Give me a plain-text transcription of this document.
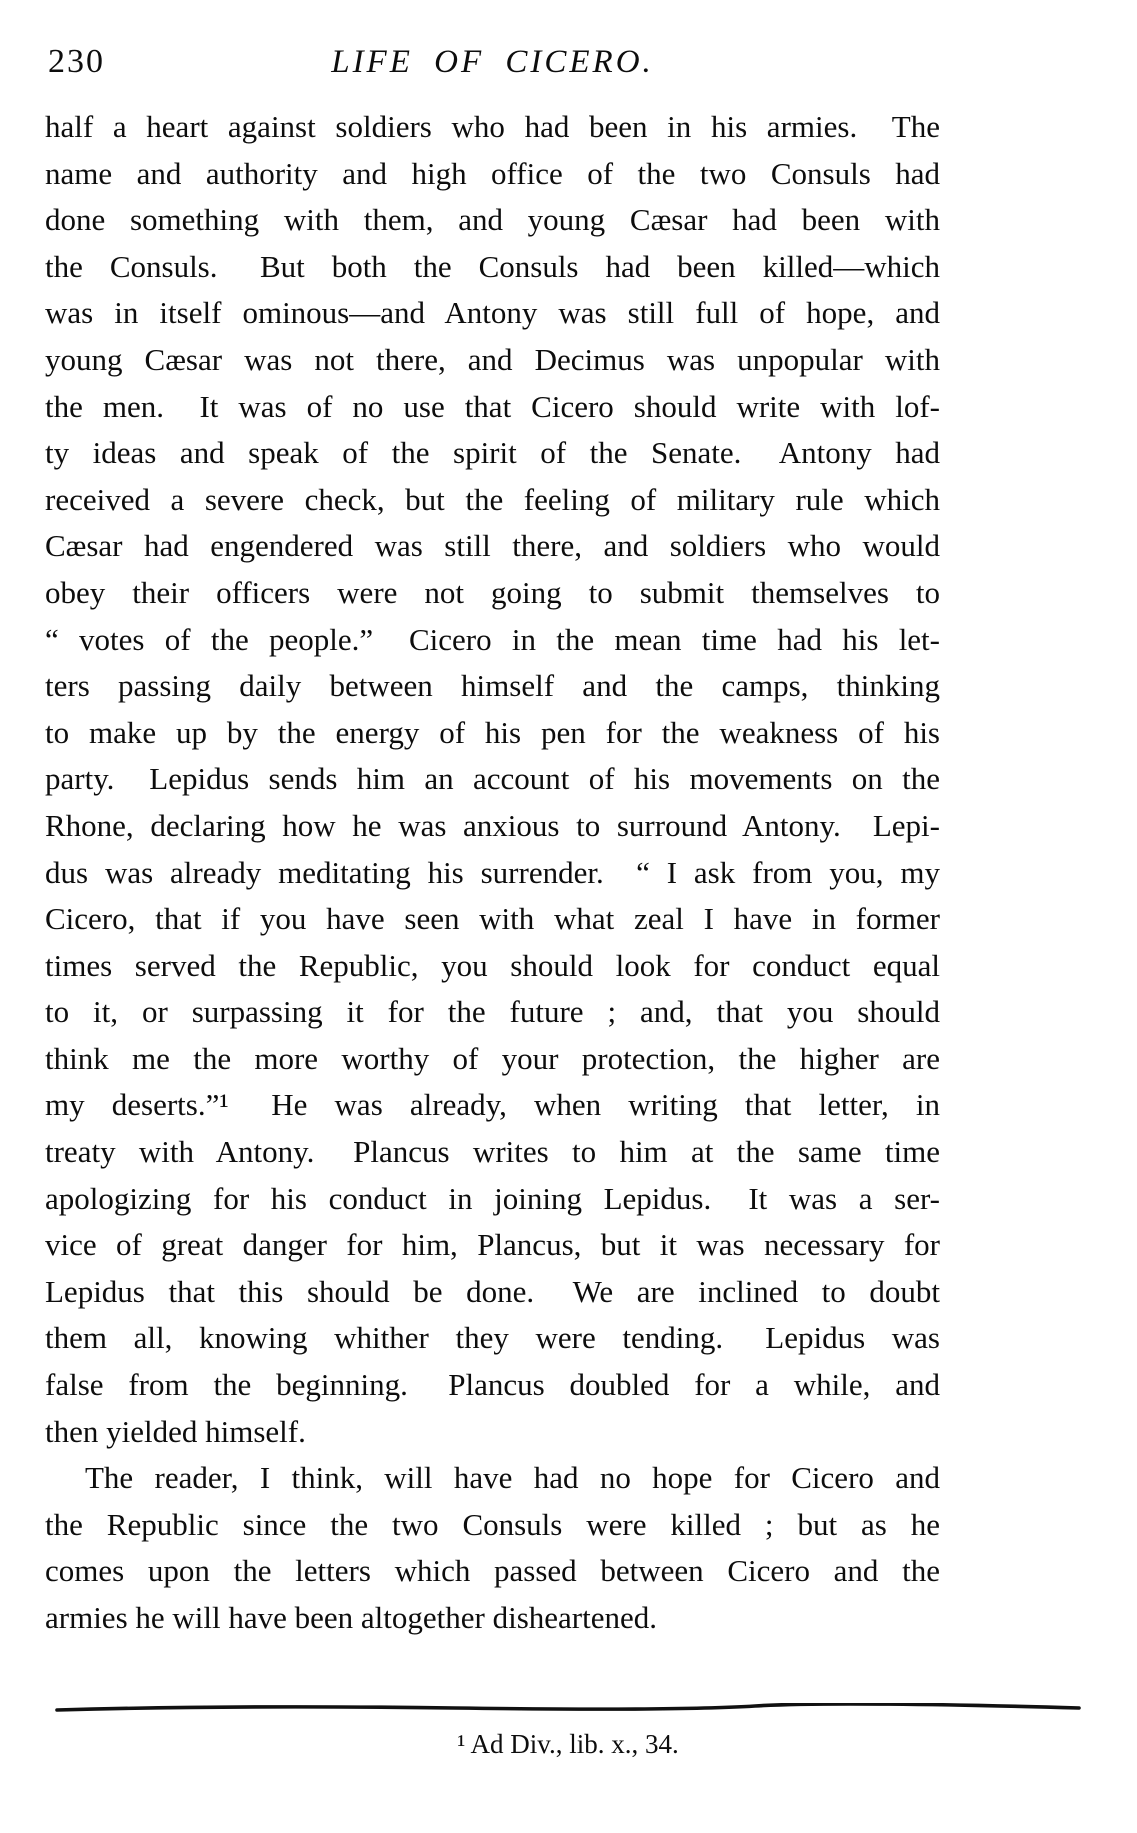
230	LIFE OF CICERO.
half a heart against soldiers who had been in his armies.  The
name and authority and high office of the two Consuls had
done something with them, and young Cæsar had been with
the Consuls.  But both the Consuls had been killed—which
was in itself ominous—and Antony was still full of hope, and
young Cæsar was not there, and Decimus was unpopular with
the men.  It was of no use that Cicero should write with lof-
ty ideas and speak of the spirit of the Senate.  Antony had
received a severe check, but the feeling of military rule which
Cæsar had engendered was still there, and soldiers who would
obey their officers were not going to submit themselves to
“ votes of the people.”  Cicero in the mean time had his let-
ters passing daily between himself and the camps, thinking
to make up by the energy of his pen for the weakness of his
party.  Lepidus sends him an account of his movements on the
Rhone, declaring how he was anxious to surround Antony.  Lepi-
dus was already meditating his surrender.  “ I ask from you, my
Cicero, that if you have seen with what zeal I have in former
times served the Republic, you should look for conduct equal
to it, or surpassing it for the future ; and, that you should
think me the more worthy of your protection, the higher are
my deserts.”¹  He was already, when writing that letter, in
treaty with Antony.  Plancus writes to him at the same time
apologizing for his conduct in joining Lepidus.  It was a ser-
vice of great danger for him, Plancus, but it was necessary for
Lepidus that this should be done.  We are inclined to doubt
them all, knowing whither they were tending.  Lepidus was
false from the beginning.  Plancus doubled for a while, and
then yielded himself.
The reader, I think, will have had no hope for Cicero and
the Republic since the two Consuls were killed ; but as he
comes upon the letters which passed between Cicero and the
armies he will have been altogether disheartened.
¹ Ad Div., lib. x., 34.
